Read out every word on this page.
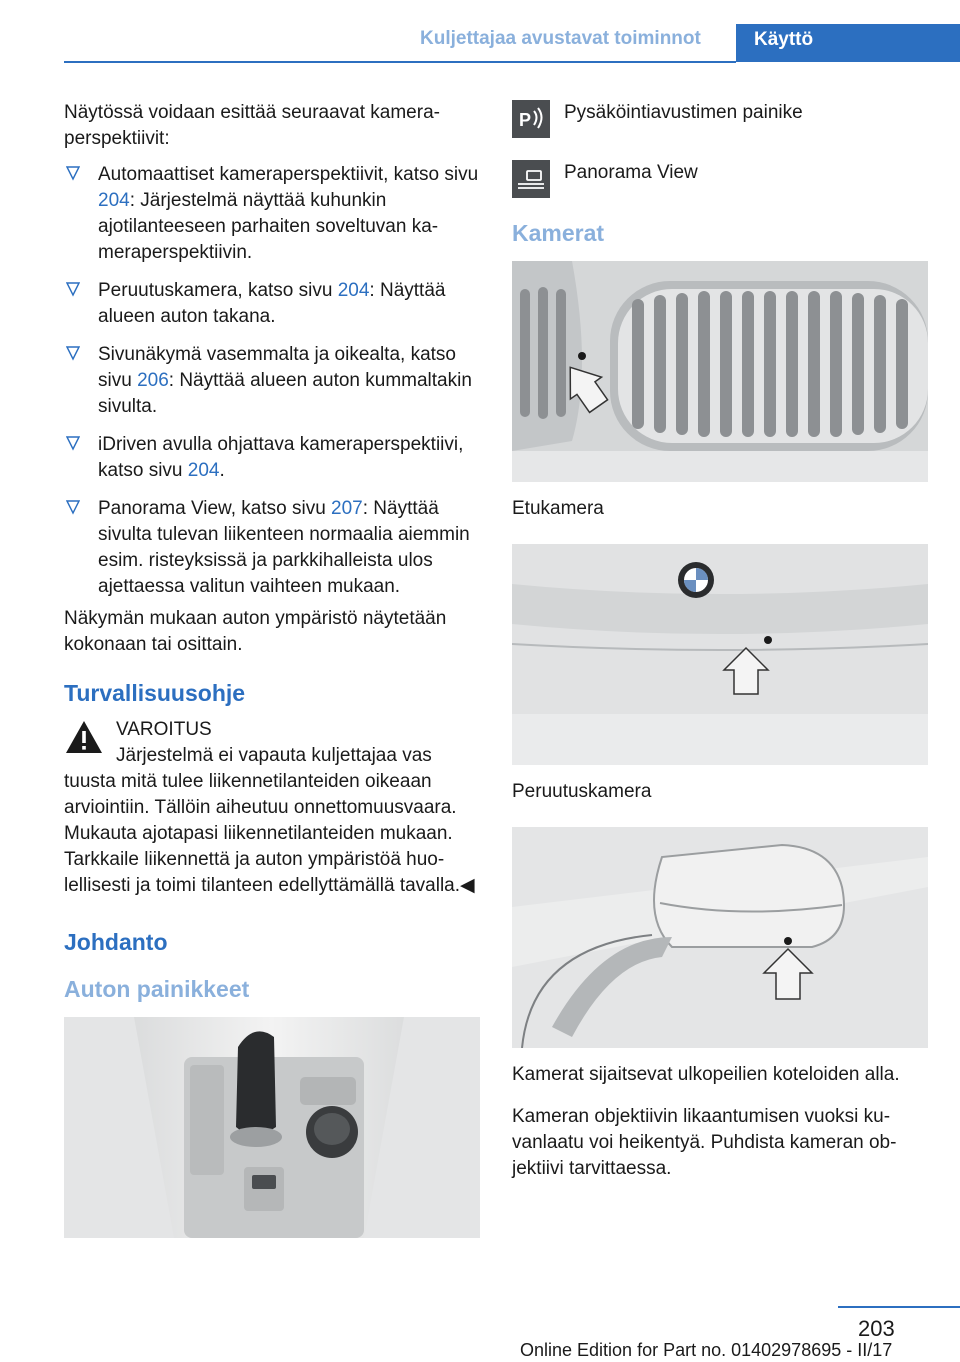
Kuljettajaa avustavat toiminnot	Käyttö

Näytössä voidaan esittää seuraavat kameraperspektiivit:

Automaattiset kameraperspektiivit, katso sivu 204: Järjestelmä näyttää kuhunkin ajotilanteeseen parhaiten soveltuvan kameraperspektiivin.
Peruutuskamera, katso sivu 204: Näyttää alueen auton takana.
Sivunäkymä vasemmalta ja oikealta, katso sivu 206: Näyttää alueen auton kummaltakin sivulta.
iDriven avulla ohjattava kameraperspektiivi, katso sivu 204.
Panorama View, katso sivu 207: Näyttää sivulta tulevan liikenteen normaalia aiemmin esim. risteyksissä ja parkkihalleista ulos ajettaessa valitun vaihteen mukaan.

Näkymän mukaan auton ympäristö näytetään kokonaan tai osittain.

Turvallisuusohje
VAROITUS
Järjestelmä ei vapauta kuljettajaa vas

tuusta mitä tulee liikennetilanteiden oikeaan arviointiin. Tällöin aiheutuu onnettomuusvaara. Mukauta ajotapasi liikennetilanteiden mukaan. Tarkkaile liikennettä ja auton ympäristöä huolellisesti ja toimi tilanteen edellyttämällä tavalla.◀

Johdanto
Auton painikkeet
P Pysäköintiavustimen painike
Panorama View
Kamerat

Etukamera

Peruutuskamera

Kamerat sijaitsevat ulkopeilien koteloiden alla.

Kameran objektiivin likaantumisen vuoksi kuvanlaatu voi heikentyä. Puhdista kameran objektiivi tarvittaessa.

203
Online Edition for Part no. 01402978695 - II/17
